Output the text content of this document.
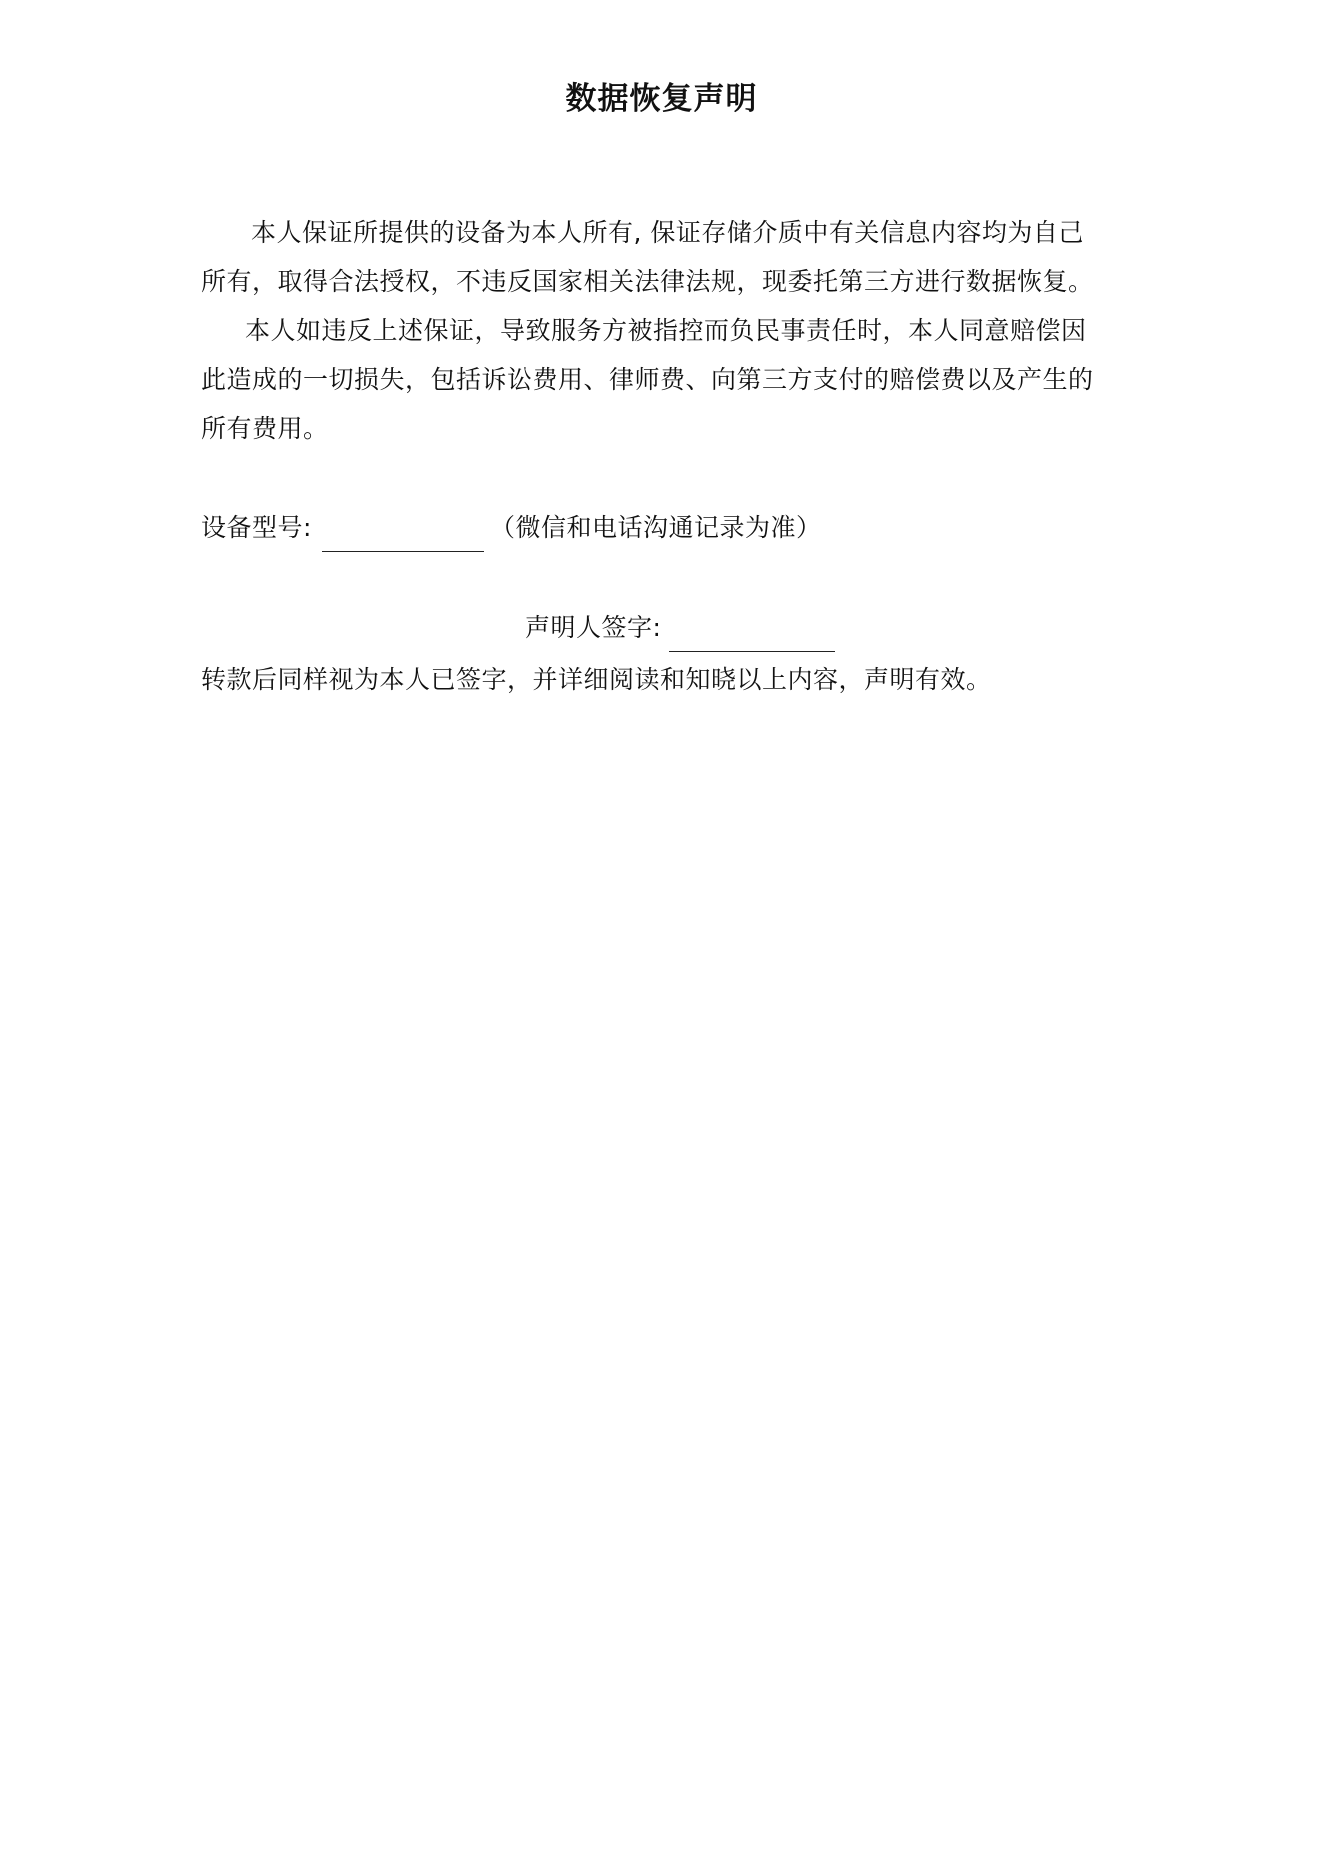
数据恢复声明
本人保证所提供的设备为本人所有, 保证存储介质中有关信息内容均为自己
所有，取得合法授权，不违反国家相关法律法规，现委托第三方进行数据恢复。
本人如违反上述保证，导致服务方被指控而负民事责任时，本人同意赔偿因
此造成的一切损失，包括诉讼费用、律师费、向第三方支付的赔偿费以及产生的
所有费用。
设备型号:	（微信和电话沟通记录为准）
声明人签字:
转款后同样视为本人已签字，并详细阅读和知晓以上内容，声明有效。
